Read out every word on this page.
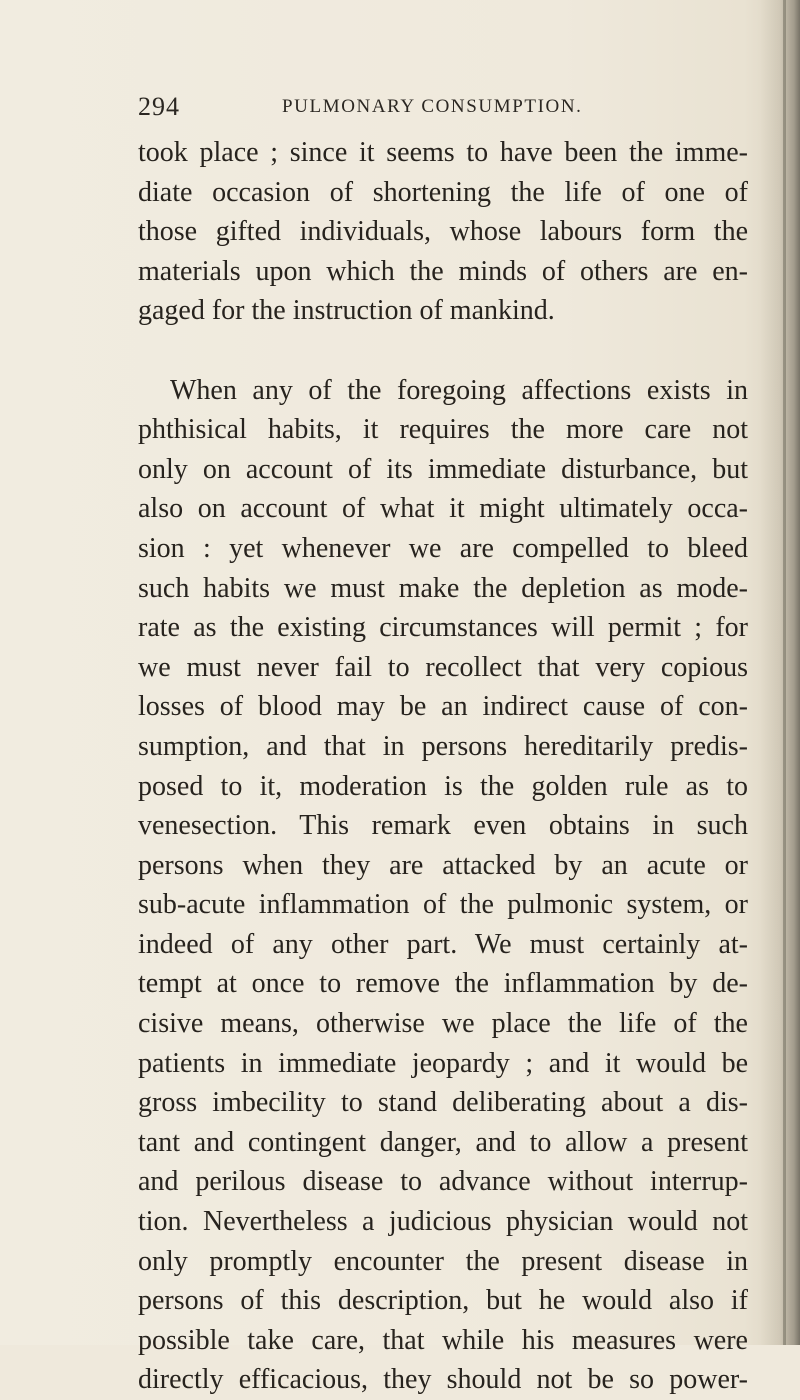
294	PULMONARY CONSUMPTION.
took place ; since it seems to have been the imme-
diate occasion of shortening the life of one of
those gifted individuals, whose labours form the
materials upon which the minds of others are en-
gaged for the instruction of mankind.
When any of the foregoing affections exists in
phthisical habits, it requires the more care not
only on account of its immediate disturbance, but
also on account of what it might ultimately occa-
sion : yet whenever we are compelled to bleed
such habits we must make the depletion as mode-
rate as the existing circumstances will permit ; for
we must never fail to recollect that very copious
losses of blood may be an indirect cause of con-
sumption, and that in persons hereditarily predis-
posed to it, moderation is the golden rule as to
venesection. This remark even obtains in such
persons when they are attacked by an acute or
sub-acute inflammation of the pulmonic system, or
indeed of any other part. We must certainly at-
tempt at once to remove the inflammation by de-
cisive means, otherwise we place the life of the
patients in immediate jeopardy ; and it would be
gross imbecility to stand deliberating about a dis-
tant and contingent danger, and to allow a present
and perilous disease to advance without interrup-
tion. Nevertheless a judicious physician would not
only promptly encounter the present disease in
persons of this description, but he would also if
possible take care, that while his measures were
directly efficacious, they should not be so power-
